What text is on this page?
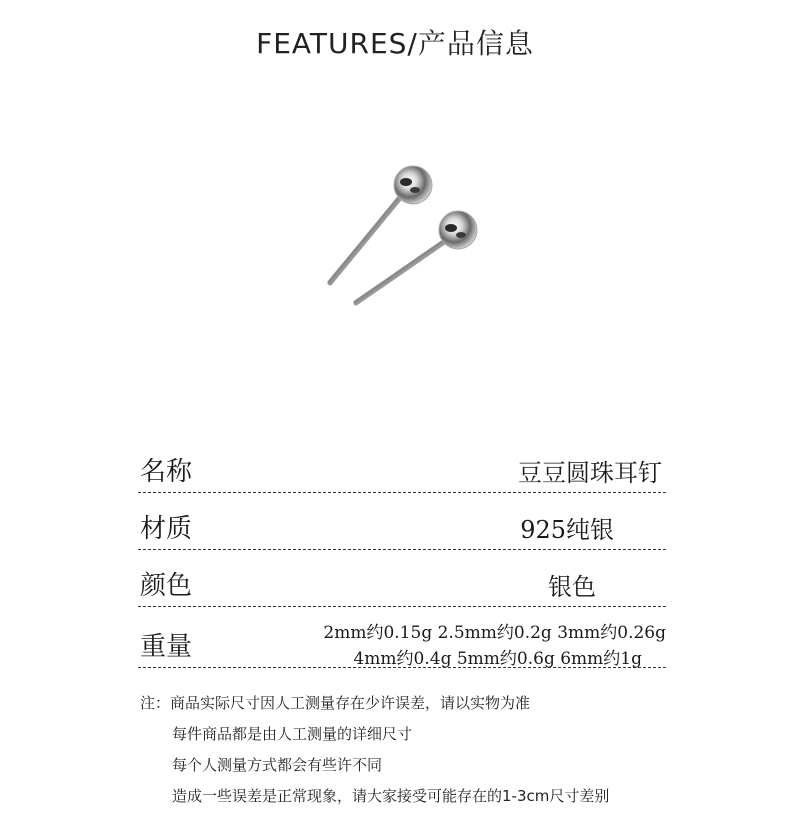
FEATURES/产品信息
名称	豆豆圆珠耳钉
材质	925纯银
颜色	银色
重量	2mm约0.15g 2.5mm约0.2g 3mm约0.26g
4mm约0.4g 5mm约0.6g 6mm约1g
注：商品实际尺寸因人工测量存在少许误差，请以实物为准
每件商品都是由人工测量的详细尺寸
每个人测量方式都会有些许不同
造成一些误差是正常现象，请大家接受可能存在的1-3cm尺寸差别
